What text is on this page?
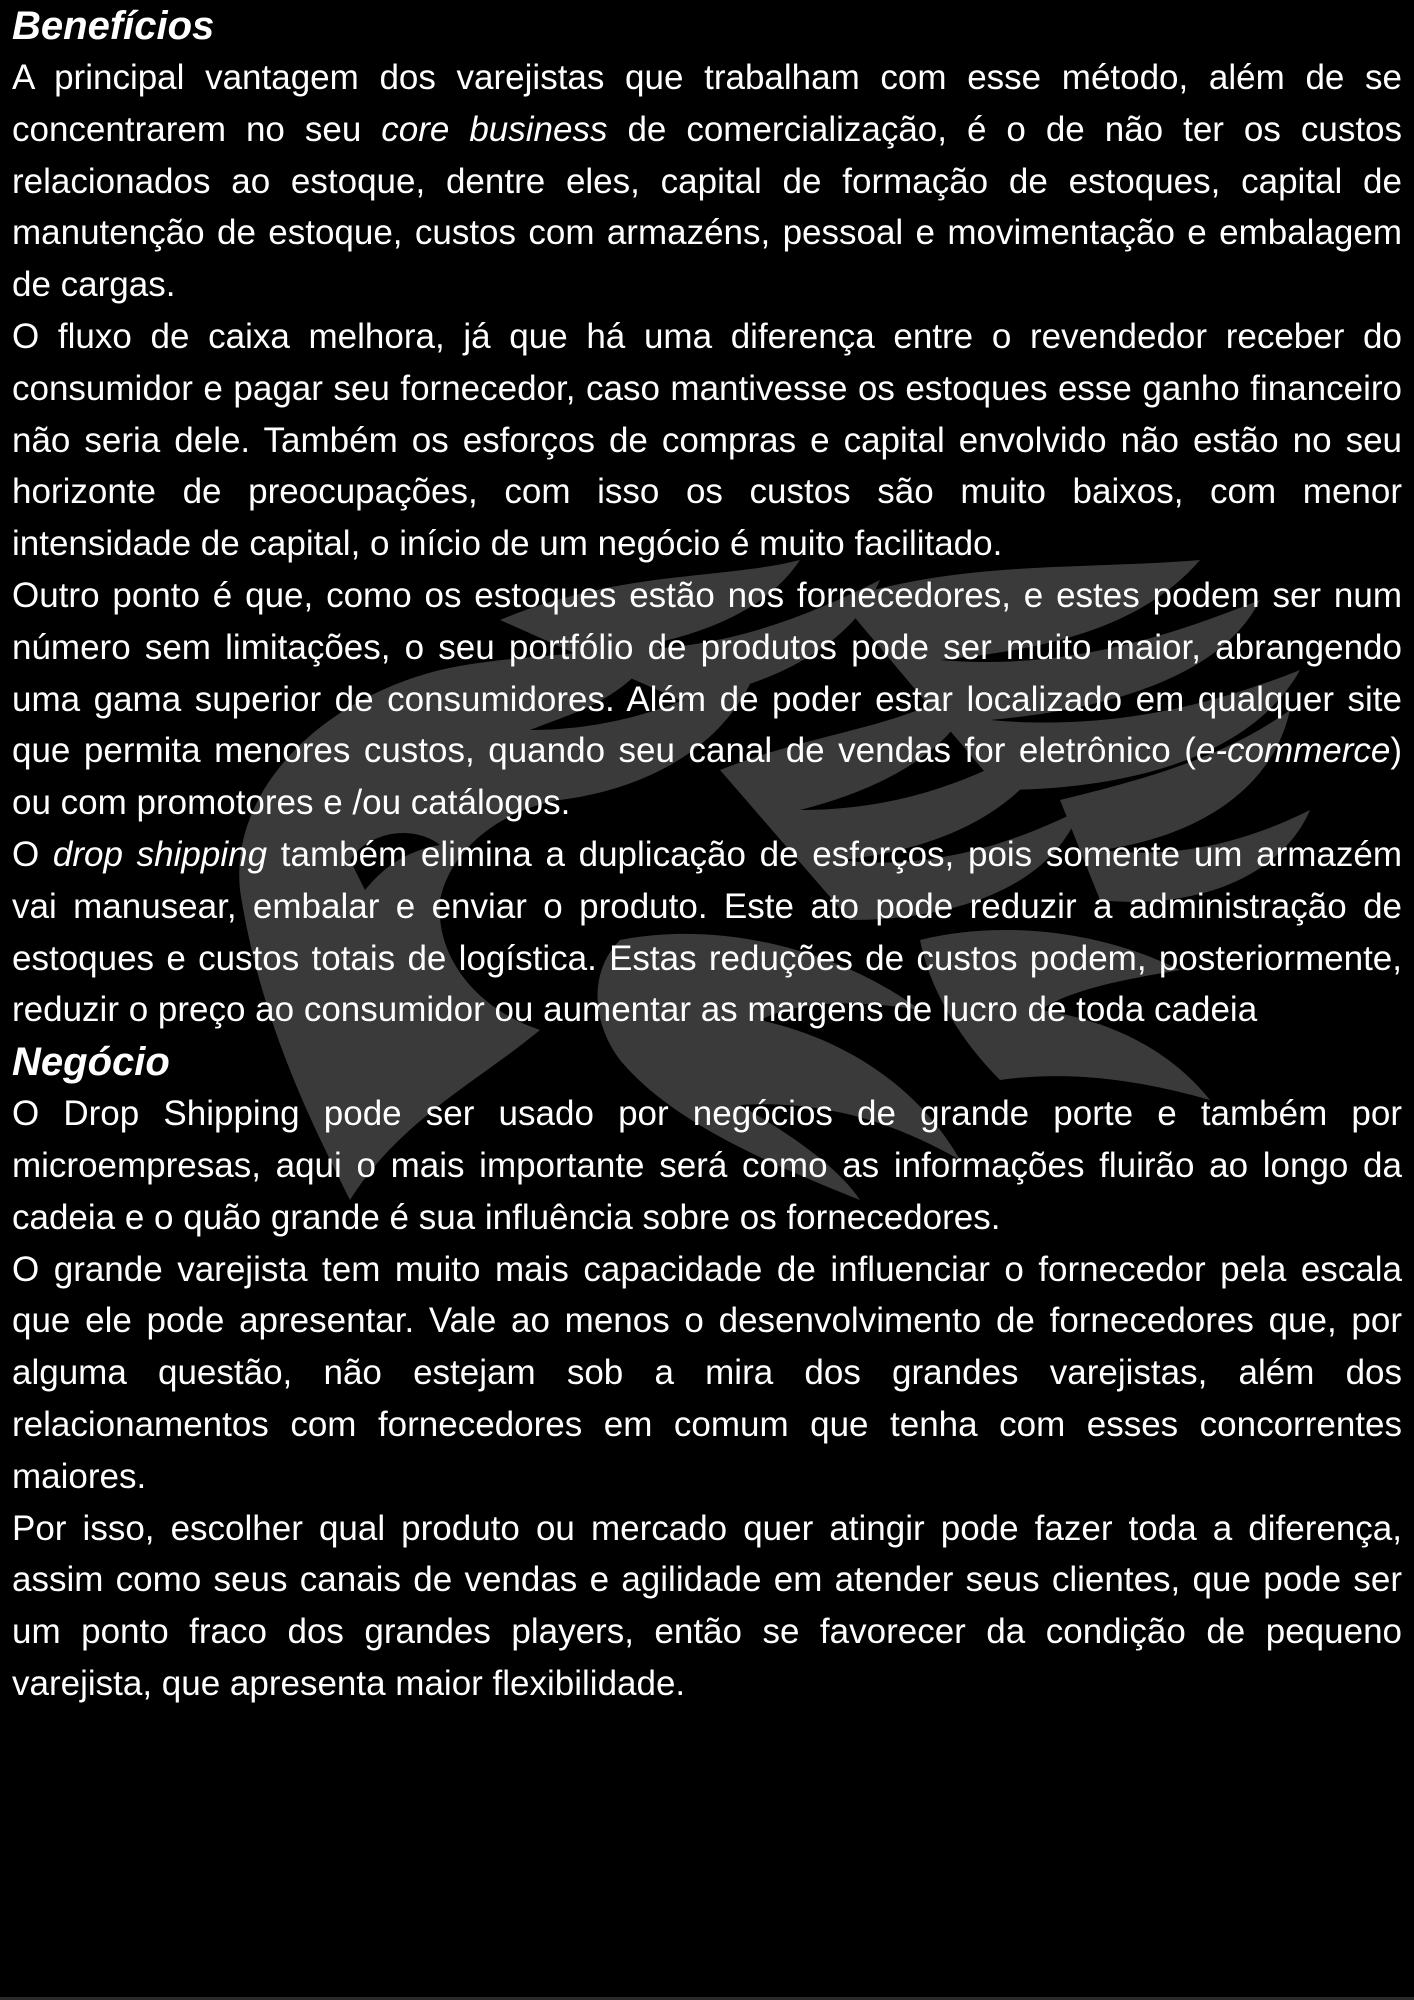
Benefícios

A principal vantagem dos varejistas que trabalham com esse método, além de se concentrarem no seu core business de comercialização, é o de não ter os custos relacionados ao estoque, dentre eles, capital de formação de estoques, capital de manutenção de estoque, custos com armazéns, pessoal e movimentação e embalagem de cargas.

O fluxo de caixa melhora, já que há uma diferença entre o revendedor receber do consumidor e pagar seu fornecedor, caso mantivesse os estoques esse ganho financeiro não seria dele. Também os esforços de compras e capital envolvido não estão no seu horizonte de preocupações, com isso os custos são muito baixos, com menor intensidade de capital, o início de um negócio é muito facilitado.

Outro ponto é que, como os estoques estão nos fornecedores, e estes podem ser num número sem limitações, o seu portfólio de produtos pode ser muito maior, abrangendo uma gama superior de consumidores. Além de poder estar localizado em qualquer site que permita menores custos, quando seu canal de vendas for eletrônico (e-commerce) ou com promotores e /ou catálogos.

O drop shipping também elimina a duplicação de esforços, pois somente um armazém vai manusear, embalar e enviar o produto. Este ato pode reduzir a administração de estoques e custos totais de logística. Estas reduções de custos podem, posteriormente, reduzir o preço ao consumidor ou aumentar as margens de lucro de toda cadeia

Negócio

O Drop Shipping pode ser usado por negócios de grande porte e também por microempresas, aqui o mais importante será como as informações fluirão ao longo da cadeia e o quão grande é sua influência sobre os fornecedores.

O grande varejista tem muito mais capacidade de influenciar o fornecedor pela escala que ele pode apresentar. Vale ao menos o desenvolvimento de fornecedores que, por alguma questão, não estejam sob a mira dos grandes varejistas, além dos relacionamentos com fornecedores em comum que tenha com esses concorrentes maiores.

Por isso, escolher qual produto ou mercado quer atingir pode fazer toda a diferença, assim como seus canais de vendas e agilidade em atender seus clientes, que pode ser um ponto fraco dos grandes players, então se favorecer da condição de pequeno varejista, que apresenta maior flexibilidade.
